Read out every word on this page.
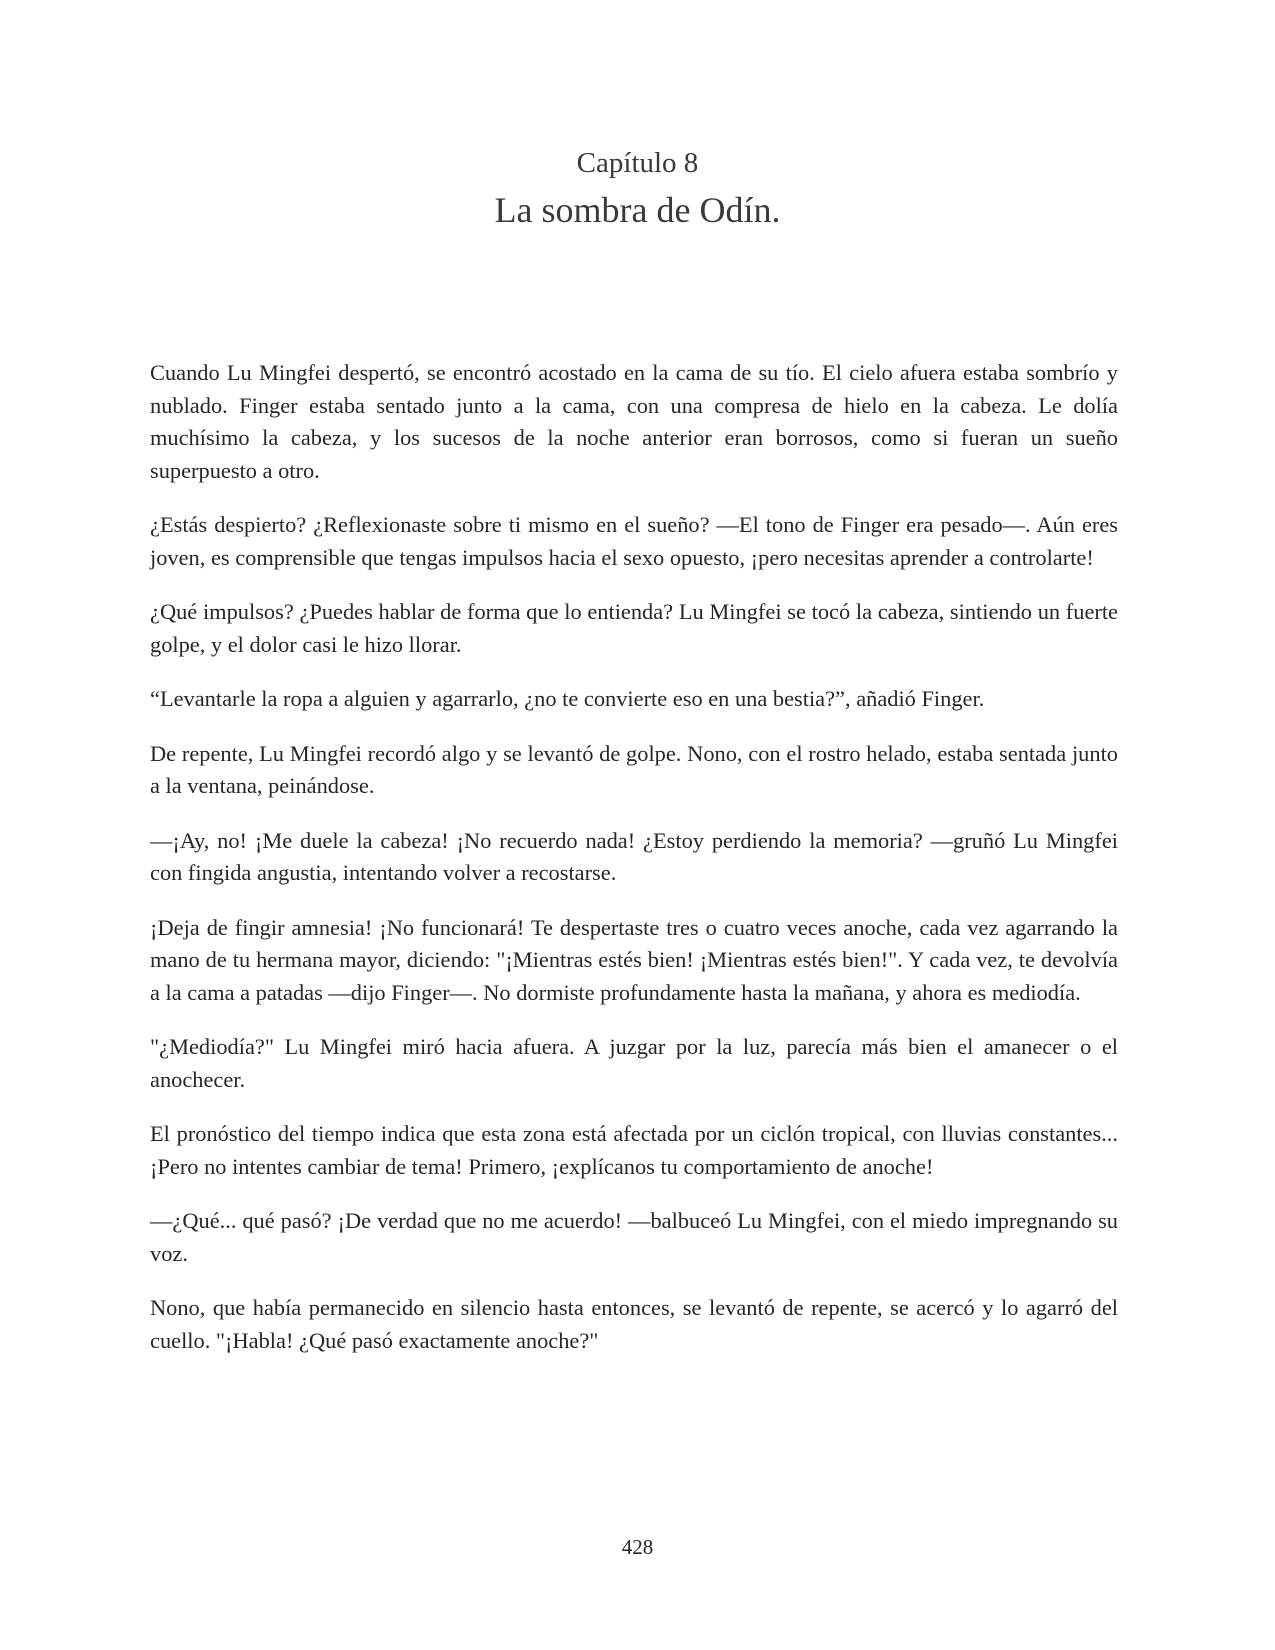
Capítulo 8
La sombra de Odín.

Cuando Lu Mingfei despertó, se encontró acostado en la cama de su tío. El cielo afuera estaba sombrío y nublado. Finger estaba sentado junto a la cama, con una compresa de hielo en la cabeza. Le dolía muchísimo la cabeza, y los sucesos de la noche anterior eran borrosos, como si fueran un sueño superpuesto a otro.

¿Estás despierto? ¿Reflexionaste sobre ti mismo en el sueño? —El tono de Finger era pesado—. Aún eres joven, es comprensible que tengas impulsos hacia el sexo opuesto, ¡pero necesitas aprender a controlarte!

¿Qué impulsos? ¿Puedes hablar de forma que lo entienda? Lu Mingfei se tocó la cabeza, sintiendo un fuerte golpe, y el dolor casi le hizo llorar.

“Levantarle la ropa a alguien y agarrarlo, ¿no te convierte eso en una bestia?”, añadió Finger.

De repente, Lu Mingfei recordó algo y se levantó de golpe. Nono, con el rostro helado, estaba sentada junto a la ventana, peinándose.

—¡Ay, no! ¡Me duele la cabeza! ¡No recuerdo nada! ¿Estoy perdiendo la memoria? —gruñó Lu Mingfei con fingida angustia, intentando volver a recostarse.

¡Deja de fingir amnesia! ¡No funcionará! Te despertaste tres o cuatro veces anoche, cada vez agarrando la mano de tu hermana mayor, diciendo: "¡Mientras estés bien! ¡Mientras estés bien!". Y cada vez, te devolvía a la cama a patadas —dijo Finger—. No dormiste profundamente hasta la mañana, y ahora es mediodía.

"¿Mediodía?" Lu Mingfei miró hacia afuera. A juzgar por la luz, parecía más bien el amanecer o el anochecer.

El pronóstico del tiempo indica que esta zona está afectada por un ciclón tropical, con lluvias constantes... ¡Pero no intentes cambiar de tema! Primero, ¡explícanos tu comportamiento de anoche!

—¿Qué... qué pasó? ¡De verdad que no me acuerdo! —balbuceó Lu Mingfei, con el miedo impregnando su voz.

Nono, que había permanecido en silencio hasta entonces, se levantó de repente, se acercó y lo agarró del cuello. "¡Habla! ¿Qué pasó exactamente anoche?"

428
